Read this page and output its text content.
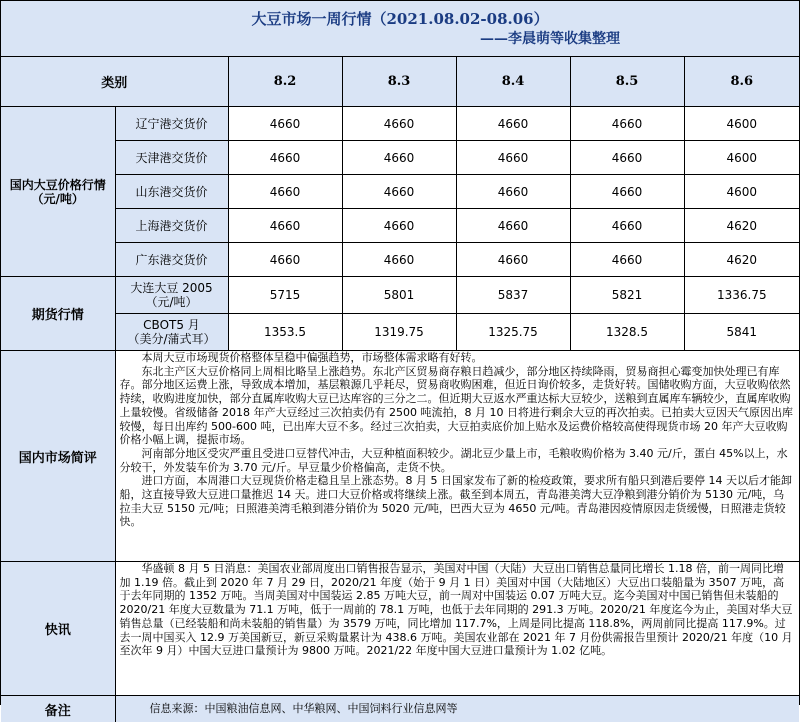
大豆市场一周行情（2021.08.02-08.06）
——李晨萌等收集整理						

类别		8.2	8.3	8.4	8.5	8.6
国内大豆价格行情（元/吨）	辽宁港交货价	4660	4660	4660	4660	4600
	天津港交货价	4660	4660	4660	4660	4600
	山东港交货价	4660	4660	4660	4660	4600
	上海港交货价	4660	4660	4660	4660	4620
	广东港交货价	4660	4660	4660	4660	4620
期货行情	大连大豆 2005
（元/吨）	5715	5801	5837	5821	1336.75

	CBOT5 月
（美分/蒲式耳）	1353.5	1319.75	1325.75	1328.5	5841
国内市场简评	本周大豆市场现货价格整体呈稳中偏强趋势，市场整体需求略有好转。

东北主产区大豆价格同上周相比略呈上涨趋势。东北产区贸易商存粮日趋减少，部分地区持续降雨，贸易商担心霉变加快处理已有库存。部分地区运费上涨，导致成本增加，基层粮源几乎耗尽，贸易商收购困难，但近日询价较多，走货好转。国储收购方面，大豆收购依然持续，收购进度加快，部分直属库收购大豆已达库容的三分之二。但近期大豆返水严重达标大豆较少，送粮到直属库车辆较少，直属库收购上量较慢。省级储备 2018 年产大豆经过三次拍卖仍有 2500 吨流拍，8 月 10 日将进行剩余大豆的再次拍卖。已拍卖大豆因天气原因出库较慢，每日出库约 500-600 吨，已出库大豆不多。经过三次拍卖，大豆拍卖底价加上贴水及运费价格较高使得现货市场 20 年产大豆收购价格小幅上调，提振市场。

河南部分地区受灾严重且受进口豆替代冲击，大豆种植面积较少。湖北豆少量上市，毛粮收购价格为 3.40 元/斤，蛋白 45%以上，水分较干，外发装车价为 3.70 元/斤。早豆量少价格偏高，走货不快。

进口方面，本周港口大豆现货价格走稳且呈上涨态势。8 月 5 日国家发布了新的检疫政策，要求所有船只到港后要停 14 天以后才能卸船，这直接导致大豆进口量推迟 14 天。进口大豆价格或将继续上涨。截至到本周五，青岛港美湾大豆净粮到港分销价为 5130 元/吨，乌拉圭大豆 5150 元/吨；日照港美湾毛粮到港分销价为 5020 元/吨，巴西大豆为 4650 元/吨。青岛港因疫情原因走货缓慢，日照港走货较快。					

快讯	华盛顿 8 月 5 日消息：美国农业部周度出口销售报告显示，美国对中国（大陆）大豆出口销售总量同比增长 1.18 倍，前一周同比增加 1.19 倍。截止到 2020 年 7 月 29 日，2020/21 年度（始于 9 月 1 日）美国对中国（大陆地区）大豆出口装船量为 3507 万吨，高于去年同期的 1352 万吨。当周美国对中国装运 2.85 万吨大豆，前一周对中国装运 0.07 万吨大豆。迄今美国对中国已销售但未装船的 2020/21 年度大豆数量为 71.1 万吨，低于一周前的 78.1 万吨，也低于去年同期的 291.3 万吨。2020/21 年度迄今为止，美国对华大豆销售总量（已经装船和尚未装船的销售量）为 3579 万吨，同比增加 117.7%，上周是同比提高 118.8%，两周前同比提高 117.9%。过去一周中国买入 12.9 万美国新豆，新豆采购量累计为 438.6 万吨。美国农业部在 2021 年 7 月份供需报告里预计 2020/21 年度（10 月至次年 9 月）中国大豆进口量预计为 9800 万吨。2021/22 年度中国大豆进口量预计为 1.02 亿吨。					

备注	信息来源：中国粮油信息网、中华粮网、中国饲料行业信息网等					
